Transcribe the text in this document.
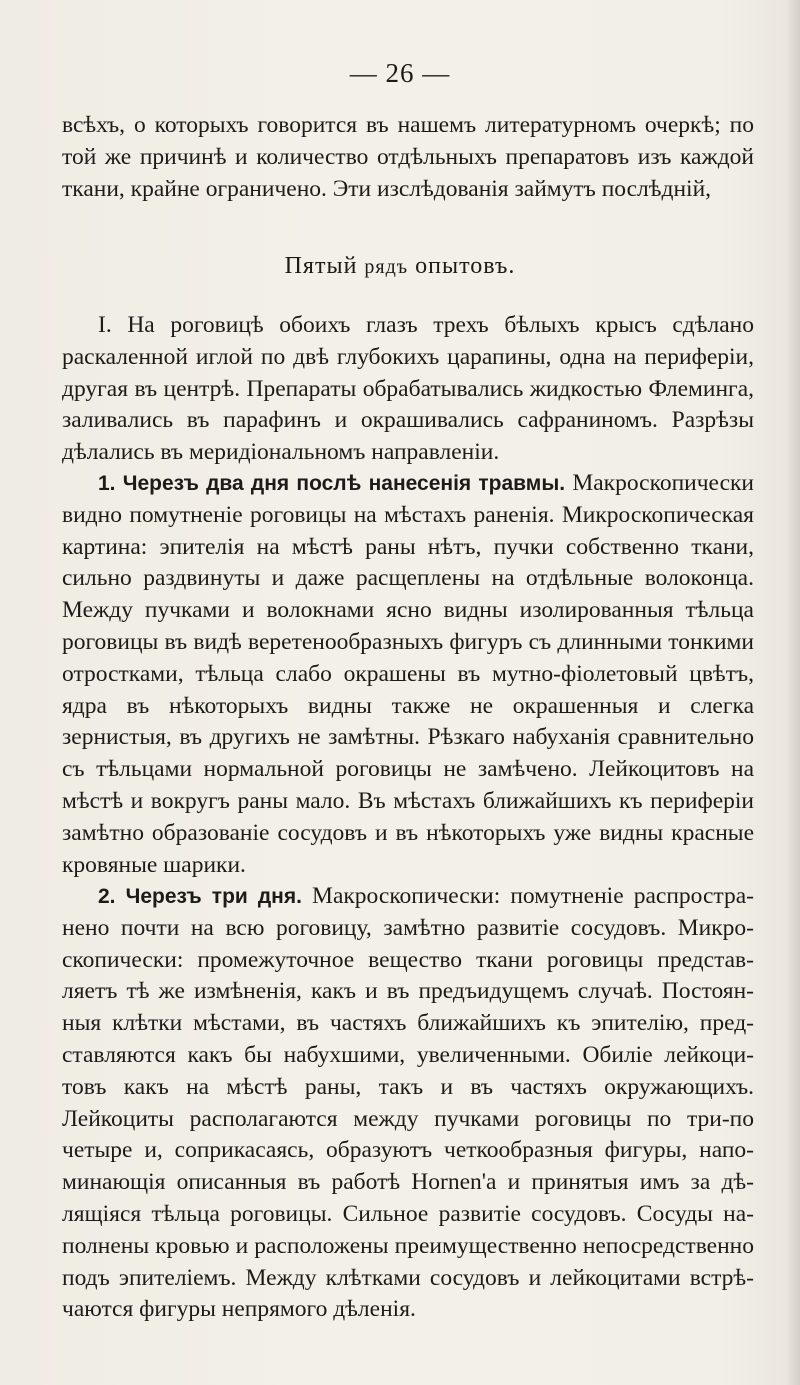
— 26 —

всѣхъ, о которыхъ говорится въ нашемъ литературномъ очеркѣ; по той же причинѣ и количество отдѣльныхъ препаратовъ изъ каждой ткани, крайне ограничено. Эти изслѣдованія займутъ послѣдній,

Пятый рядъ опытовъ.

I. На роговицѣ обоихъ глазъ трехъ бѣлыхъ крысъ сдѣлано раскаленной иглой по двѣ глубокихъ царапины, одна на периферіи, другая въ центрѣ. Препараты обрабатывались жидкостью Флеминга, заливались въ парафинъ и окрашивались сафраниномъ. Разрѣзы дѣлались въ меридіональномъ направленіи.

1. Черезъ два дня послѣ нанесенія травмы. Макроскопически видно помутненіе роговицы на мѣстахъ раненія. Микроскопическая картина: эпителія на мѣстѣ раны нѣтъ, пучки собственно ткани, сильно раздвинуты и даже расщеплены на отдѣльные волоконца. Между пучками и волокнами ясно видны изолированныя тѣльца роговицы въ видѣ веретенообразныхъ фигуръ съ длинными тонкими отростками, тѣльца слабо окрашены въ мутно-фіолетовый цвѣтъ, ядра въ нѣкоторыхъ видны также не окрашенныя и слегка зернистыя, въ другихъ не замѣтны. Рѣзкаго набуханія сравнительно съ тѣльцами нормальной роговицы не замѣчено. Лейкоцитовъ на мѣстѣ и вокругъ раны мало. Въ мѣстахъ ближайшихъ къ периферіи замѣтно образованіе сосудовъ и въ нѣкоторыхъ уже видны красные кровяные шарики.

2. Черезъ три дня. Макроскопически: помутненіе распространено почти на всю роговицу, замѣтно развитіе сосудовъ. Микроскопически: промежуточное вещество ткани роговицы представляетъ тѣ же измѣненія, какъ и въ предъидущемъ случаѣ. Постоянныя клѣтки мѣстами, въ частяхъ ближайшихъ къ эпителію, представляются какъ бы набухшими, увеличенными. Обиліе лейкоцитовъ какъ на мѣстѣ раны, такъ и въ частяхъ окружающихъ. Лейкоциты располагаются между пучками роговицы по три-по четыре и, соприкасаясь, образуютъ четкообразныя фигуры, напоминающія описанныя въ работѣ Hornen'а и принятыя имъ за дѣлящіяся тѣльца роговицы. Сильное развитіе сосудовъ. Сосуды наполнены кровью и расположены преимущественно непосредственно подъ эпителіемъ. Между клѣтками сосудовъ и лейкоцитами встрѣчаются фигуры непрямого дѣленія.
